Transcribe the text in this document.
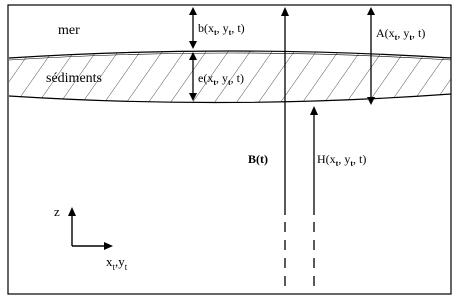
mer
sédiments
$b(x_t$, $y_t$, t)
$e(x_t$, $y_t$, t)
$A(x_t$, $y_t$, t)
B(t)	$H(x_t$, $y_t$, t)
z
$x_t,y_t$
